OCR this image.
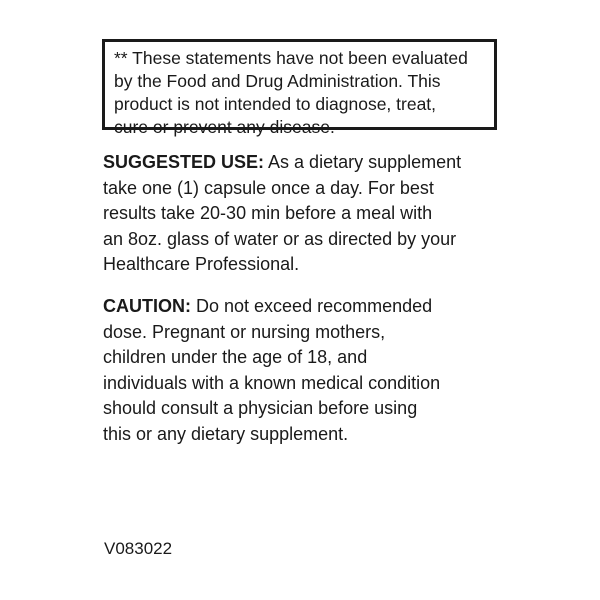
** These statements have not been evaluated
by the Food and Drug Administration. This
product is not intended to diagnose, treat,
cure or prevent any disease.
SUGGESTED USE: As a dietary supplement
take one (1) capsule once a day. For best
results take 20-30 min before a meal with
an 8oz. glass of water or as directed by your
Healthcare Professional.
CAUTION: Do not exceed recommended
dose. Pregnant or nursing mothers,
children under the age of 18, and
individuals with a known medical condition
should consult a physician before using
this or any dietary supplement.
V083022
